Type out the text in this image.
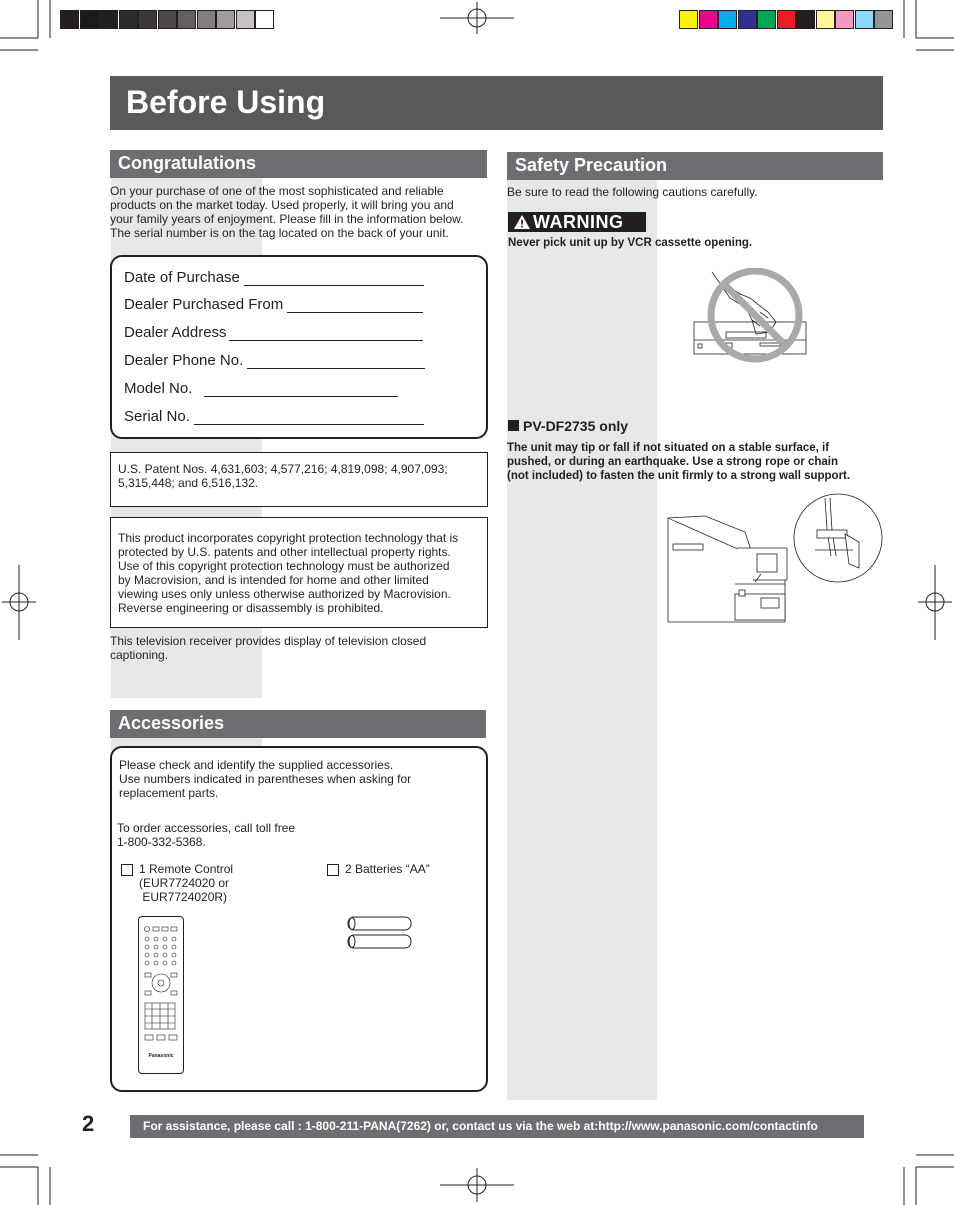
Before Using
Congratulations
On your purchase of one of the most sophisticated and reliable
products on the market today. Used properly, it will bring you and
your family years of enjoyment. Please fill in the information below.
The serial number is on the tag located on the back of your unit.
Date of Purchase
Dealer Purchased From
Dealer Address
Dealer Phone No.
Model No.
Serial No.
U.S. Patent Nos. 4,631,603; 4,577,216; 4,819,098; 4,907,093;
5,315,448; and 6,516,132.
This product incorporates copyright protection technology that is
protected by U.S. patents and other intellectual property rights.
Use of this copyright protection technology must be authorized
by Macrovision, and is intended for home and other limited
viewing uses only unless otherwise authorized by Macrovision.
Reverse engineering or disassembly is prohibited.
This television receiver provides display of television closed
captioning.
Accessories
Please check and identify the supplied accessories.
Use numbers indicated in parentheses when asking for
replacement parts.
To order accessories, call toll free
1-800-332-5368.
1 Remote Control
(EUR7724020 or
EUR7724020R)
2 Batteries “AA”
Panasonic
Safety Precaution
Be sure to read the following cautions carefully.
WARNING
Never pick unit up by VCR cassette opening.
PV-DF2735 only
The unit may tip or fall if not situated on a stable surface, if
pushed, or during an earthquake. Use a strong rope or chain
(not included) to fasten the unit firmly to a strong wall support.
2	For assistance, please call : 1-800-211-PANA(7262) or, contact us via the web at:http://www.panasonic.com/contactinfo
